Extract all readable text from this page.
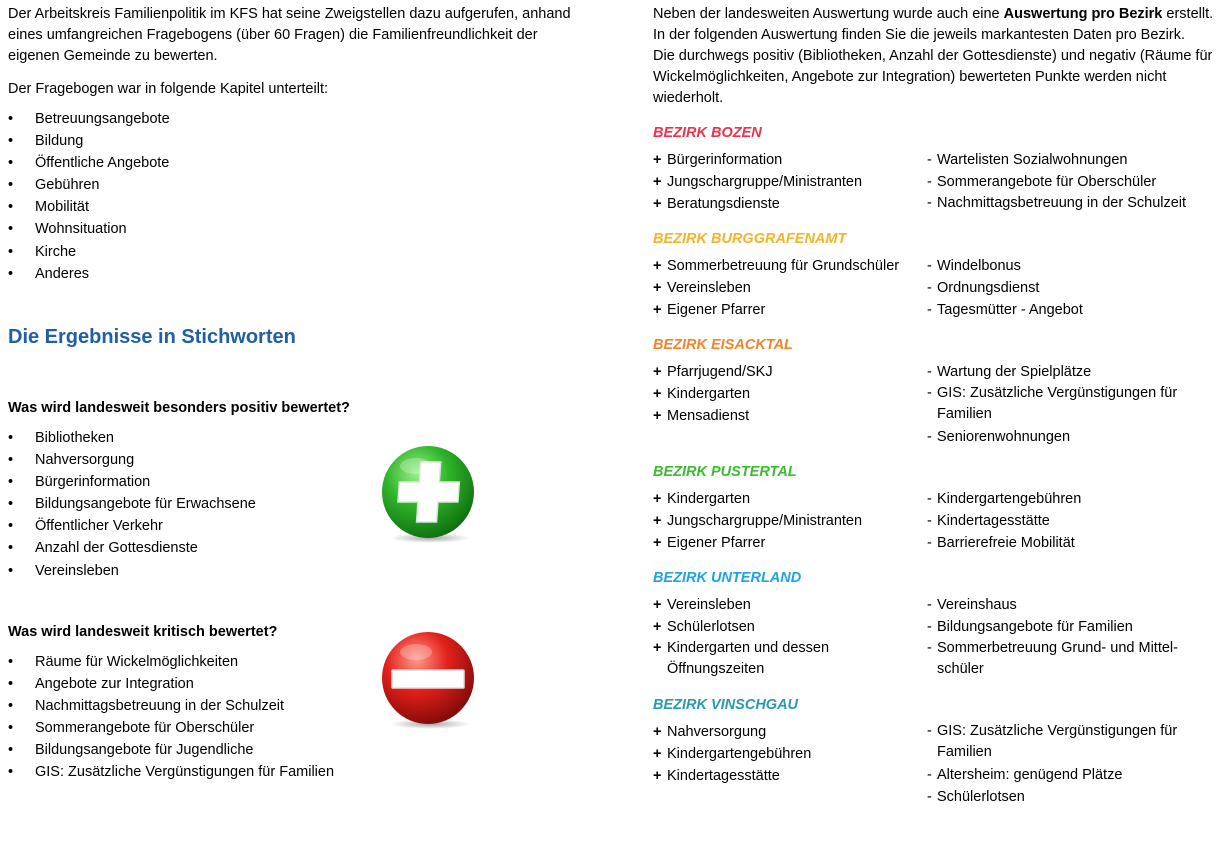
Der Arbeitskreis Familienpolitik im KFS hat seine Zweigstellen dazu aufgerufen, anhand eines umfangreichen Fragebogens (über 60 Fragen) die Familienfreundlichkeit der eigenen Gemeinde zu bewerten.

Der Fragebogen war in folgende Kapitel unterteilt:

• Betreuungsangebote
• Bildung
• Öffentliche Angebote
• Gebühren
• Mobilität
• Wohnsituation
• Kirche
• Anderes
Die Ergebnisse in Stichworten
Was wird landesweit besonders positiv bewertet?
• Bibliotheken
• Nahversorgung
• Bürgerinformation
• Bildungsangebote für Erwachsene
• Öffentlicher Verkehr
• Anzahl der Gottesdienste
• Vereinsleben
Was wird landesweit kritisch bewertet?
• Räume für Wickelmöglichkeiten
• Angebote zur Integration
• Nachmittagsbetreuung in der Schulzeit
• Sommerangebote für Oberschüler
• Bildungsangebote für Jugendliche
• GIS: Zusätzliche Vergünstigungen für Familien

Neben der landesweiten Auswertung wurde auch eine Auswertung pro Bezirk erstellt. In der folgenden Auswertung finden Sie die jeweils markantesten Daten pro Bezirk.

Die durchwegs positiv (Bibliotheken, Anzahl der Gottesdienste) und negativ (Räume für Wickelmöglichkeiten, Angebote zur Integration) bewerteten Punkte werden nicht wiederholt.

BEZIRK BOZEN
+ Bürgerinformation
+ Jungschargruppe/Ministranten
+ Beratungsdienste
- Wartelisten Sozialwohnungen
- Sommerangebote für Oberschüler
- Nachmittagsbetreuung in der Schulzeit
BEZIRK BURGGRAFENAMT
+ Sommerbetreuung für Grundschüler
+ Vereinsleben
+ Eigener Pfarrer
- Windelbonus
- Ordnungsdienst
- Tagesmütter - Angebot
BEZIRK EISACKTAL
+ Pfarrjugend/SKJ
+ Kindergarten
+ Mensadienst
- Wartung der Spielplätze
- GIS: Zusätzliche Vergünstigungen für Familien
- Seniorenwohnungen
BEZIRK PUSTERTAL
+ Kindergarten
+ Jungschargruppe/Ministranten
+ Eigener Pfarrer
- Kindergartengebühren
- Kindertagesstätte
- Barrierefreie Mobilität
BEZIRK UNTERLAND
+ Vereinsleben
+ Schülerlotsen
+ Kindergarten und dessen Öffnungszeiten
- Vereinshaus
- Bildungsangebote für Familien
- Sommerbetreuung Grund- und Mittelschüler
BEZIRK VINSCHGAU
+ Nahversorgung
+ Kindergartengebühren
+ Kindertagesstätte
- GIS: Zusätzliche Vergünstigungen für Familien
- Altersheim: genügend Plätze
- Schülerlotsen
